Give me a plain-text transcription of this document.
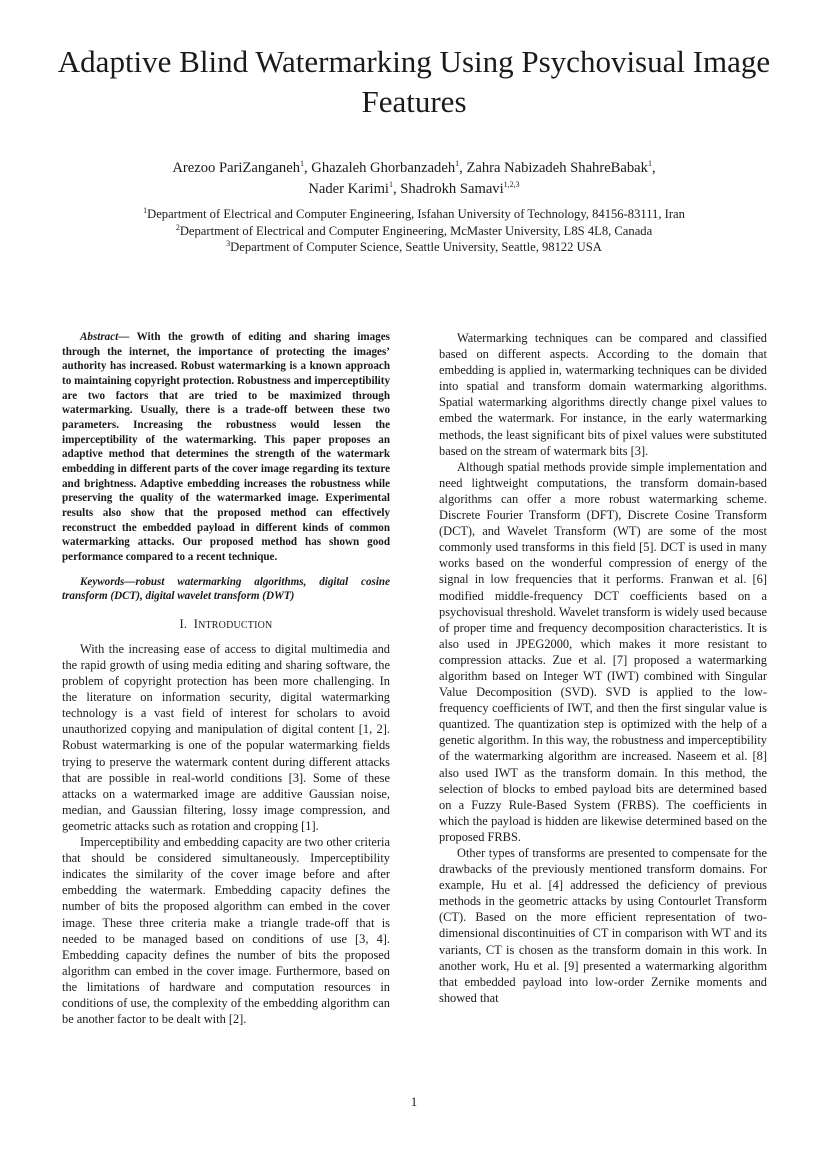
Adaptive Blind Watermarking Using Psychovisual Image Features
Arezoo PariZanganeh$^1$, Ghazaleh Ghorbanzadeh$^1$, Zahra Nabizadeh ShahreBabak$^1$,
Nader Karimi$^1$, Shadrokh Samavi$^{1,2,3}$
$^1$Department of Electrical and Computer Engineering, Isfahan University of Technology, 84156-83111, Iran
$^2$Department of Electrical and Computer Engineering, McMaster University, L8S 4L8, Canada
$^3$Department of Computer Science, Seattle University, Seattle, 98122 USA

Abstract— With the growth of editing and sharing images through the internet, the importance of protecting the images’ authority has increased. Robust watermarking is a known approach to maintaining copyright protection. Robustness and imperceptibility are two factors that are tried to be maximized through watermarking. Usually, there is a trade-off between these two parameters. Increasing the robustness would lessen the imperceptibility of the watermarking. This paper proposes an adaptive method that determines the strength of the watermark embedding in different parts of the cover image regarding its texture and brightness. Adaptive embedding increases the robustness while preserving the quality of the watermarked image. Experimental results also show that the proposed method can effectively reconstruct the embedded payload in different kinds of common watermarking attacks. Our proposed method has shown good performance compared to a recent technique.

Keywords—robust watermarking algorithms, digital cosine transform (DCT), digital wavelet transform (DWT)

I. INTRODUCTION

With the increasing ease of access to digital multimedia and the rapid growth of using media editing and sharing software, the problem of copyright protection has been more challenging. In the literature on information security, digital watermarking technology is a vast field of interest for scholars to avoid unauthorized copying and manipulation of digital content [1, 2]. Robust watermarking is one of the popular watermarking fields trying to preserve the watermark content during different attacks that are possible in real-world conditions [3]. Some of these attacks on a watermarked image are additive Gaussian noise, median, and Gaussian filtering, lossy image compression, and geometric attacks such as rotation and cropping [1].

Imperceptibility and embedding capacity are two other criteria that should be considered simultaneously. Imperceptibility indicates the similarity of the cover image before and after embedding the watermark. Embedding capacity defines the number of bits the proposed algorithm can embed in the cover image. These three criteria make a triangle trade-off that is needed to be managed based on conditions of use [3, 4]. Embedding capacity defines the number of bits the proposed algorithm can embed in the cover image. Furthermore, based on the limitations of hardware and computation resources in conditions of use, the complexity of the embedding algorithm can be another factor to be dealt with [2].

Watermarking techniques can be compared and classified based on different aspects. According to the domain that embedding is applied in, watermarking techniques can be divided into spatial and transform domain watermarking algorithms. Spatial watermarking algorithms directly change pixel values to embed the watermark. For instance, in the early watermarking methods, the least significant bits of pixel values were substituted based on the stream of watermark bits [3].

Although spatial methods provide simple implementation and need lightweight computations, the transform domain-based algorithms can offer a more robust watermarking scheme. Discrete Fourier Transform (DFT), Discrete Cosine Transform (DCT), and Wavelet Transform (WT) are some of the most commonly used transforms in this field [5]. DCT is used in many works based on the wonderful compression of energy of the signal in low frequencies that it performs. Franwan et al. [6] modified middle-frequency DCT coefficients based on a psychovisual threshold. Wavelet transform is widely used because of proper time and frequency decomposition characteristics. It is also used in JPEG2000, which makes it more resistant to compression attacks. Zue et al. [7] proposed a watermarking algorithm based on Integer WT (IWT) combined with Singular Value Decomposition (SVD). SVD is applied to the low-frequency coefficients of IWT, and then the first singular value is quantized. The quantization step is optimized with the help of a genetic algorithm. In this way, the robustness and imperceptibility of the watermarking algorithm are increased. Naseem et al. [8] also used IWT as the transform domain. In this method, the selection of blocks to embed payload bits are determined based on a Fuzzy Rule-Based System (FRBS). The coefficients in which the payload is hidden are likewise determined based on the proposed FRBS.

Other types of transforms are presented to compensate for the drawbacks of the previously mentioned transform domains. For example, Hu et al. [4] addressed the deficiency of previous methods in the geometric attacks by using Contourlet Transform (CT). Based on the more efficient representation of two-dimensional discontinuities of CT in comparison with WT and its variants, CT is chosen as the transform domain in this work. In another work, Hu et al. [9] presented a watermarking algorithm that embedded payload into low-order Zernike moments and showed that

1
